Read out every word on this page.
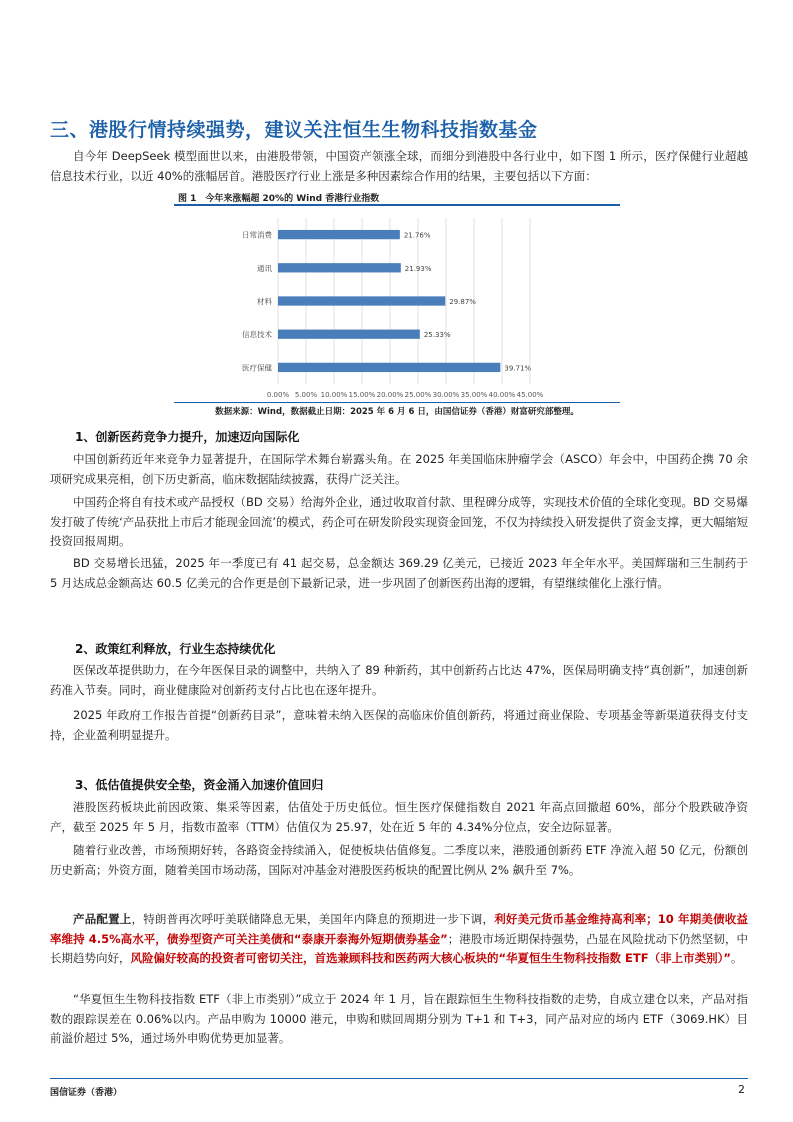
三、港股行情持续强势，建议关注恒生生物科技指数基金
自今年 DeepSeek 模型面世以来，由港股带领，中国资产领涨全球，而细分到港股中各行业中，如下图 1 所示，医疗保健行业超越信息技术行业，以近 40%的涨幅居首。港股医疗行业上涨是多种因素综合作用的结果，主要包括以下方面：
图 1　今年来涨幅超 20%的 Wind 香港行业指数
0.00% 5.00% 10.00% 15.00% 20.00% 25.00% 30.00% 35.00% 40.00% 45.00%
日常消费	21.76%
通讯	21.93%
材料	29.87%
信息技术	25.33%
医疗保健	39.71%
数据来源：Wind，数据截止日期：2025 年 6 月 6 日，由国信证券（香港）财富研究部整理。
1、创新医药竞争力提升，加速迈向国际化
中国创新药近年来竞争力显著提升，在国际学术舞台崭露头角。在 2025 年美国临床肿瘤学会（ASCO）年会中，中国药企携 70 余项研究成果亮相，创下历史新高，临床数据陆续披露，获得广泛关注。
中国药企将自有技术或产品授权（BD 交易）给海外企业，通过收取首付款、里程碑分成等，实现技术价值的全球化变现。BD 交易爆发打破了传统‘产品获批上市后才能现金回流’的模式，药企可在研发阶段实现资金回笼，不仅为持续投入研发提供了资金支撑，更大幅缩短投资回报周期。
BD 交易增长迅猛，2025 年一季度已有 41 起交易，总金额达 369.29 亿美元，已接近 2023 年全年水平。美国辉瑞和三生制药于 5 月达成总金额高达 60.5 亿美元的合作更是创下最新记录，进一步巩固了创新医药出海的逻辑，有望继续催化上涨行情。
2、政策红利释放，行业生态持续优化
医保改革提供助力，在今年医保目录的调整中，共纳入了 89 种新药，其中创新药占比达 47%，医保局明确支持“真创新”，加速创新药准入节奏。同时，商业健康险对创新药支付占比也在逐年提升。
2025 年政府工作报告首提“创新药目录”，意味着未纳入医保的高临床价值创新药，将通过商业保险、专项基金等新渠道获得支付支持，企业盈利明显提升。
3、低估值提供安全垫，资金涌入加速价值回归
港股医药板块此前因政策、集采等因素，估值处于历史低位。恒生医疗保健指数自 2021 年高点回撤超 60%，部分个股跌破净资产，截至 2025 年 5 月，指数市盈率（TTM）估值仅为 25.97，处在近 5 年的 4.34%分位点，安全边际显著。
随着行业改善，市场预期好转，各路资金持续涌入，促使板块估值修复。二季度以来，港股通创新药 ETF 净流入超 50 亿元，份额创历史新高；外资方面，随着美国市场动荡，国际对冲基金对港股医药板块的配置比例从 2% 飙升至 7%。
产品配置上，特朗普再次呼吁美联储降息无果，美国年内降息的预期进一步下调，利好美元货币基金维持高利率；10 年期美债收益率维持 4.5%高水平，债券型资产可关注美债和“泰康开泰海外短期债券基金”；港股市场近期保持强势，凸显在风险扰动下仍然坚韧，中长期趋势向好，风险偏好较高的投资者可密切关注，首选兼顾科技和医药两大核心板块的“华夏恒生生物科技指数 ETF（非上市类别）”。
“华夏恒生生物科技指数 ETF（非上市类别）”成立于 2024 年 1 月，旨在跟踪恒生生物科技指数的走势，自成立建仓以来，产品对指数的跟踪误差在 0.06%以内。产品申购为 10000 港元，申购和赎回周期分别为 T+1 和 T+3，同产品对应的场内 ETF（3069.HK）目前溢价超过 5%，通过场外申购优势更加显著。
国信证券（香港）	2
